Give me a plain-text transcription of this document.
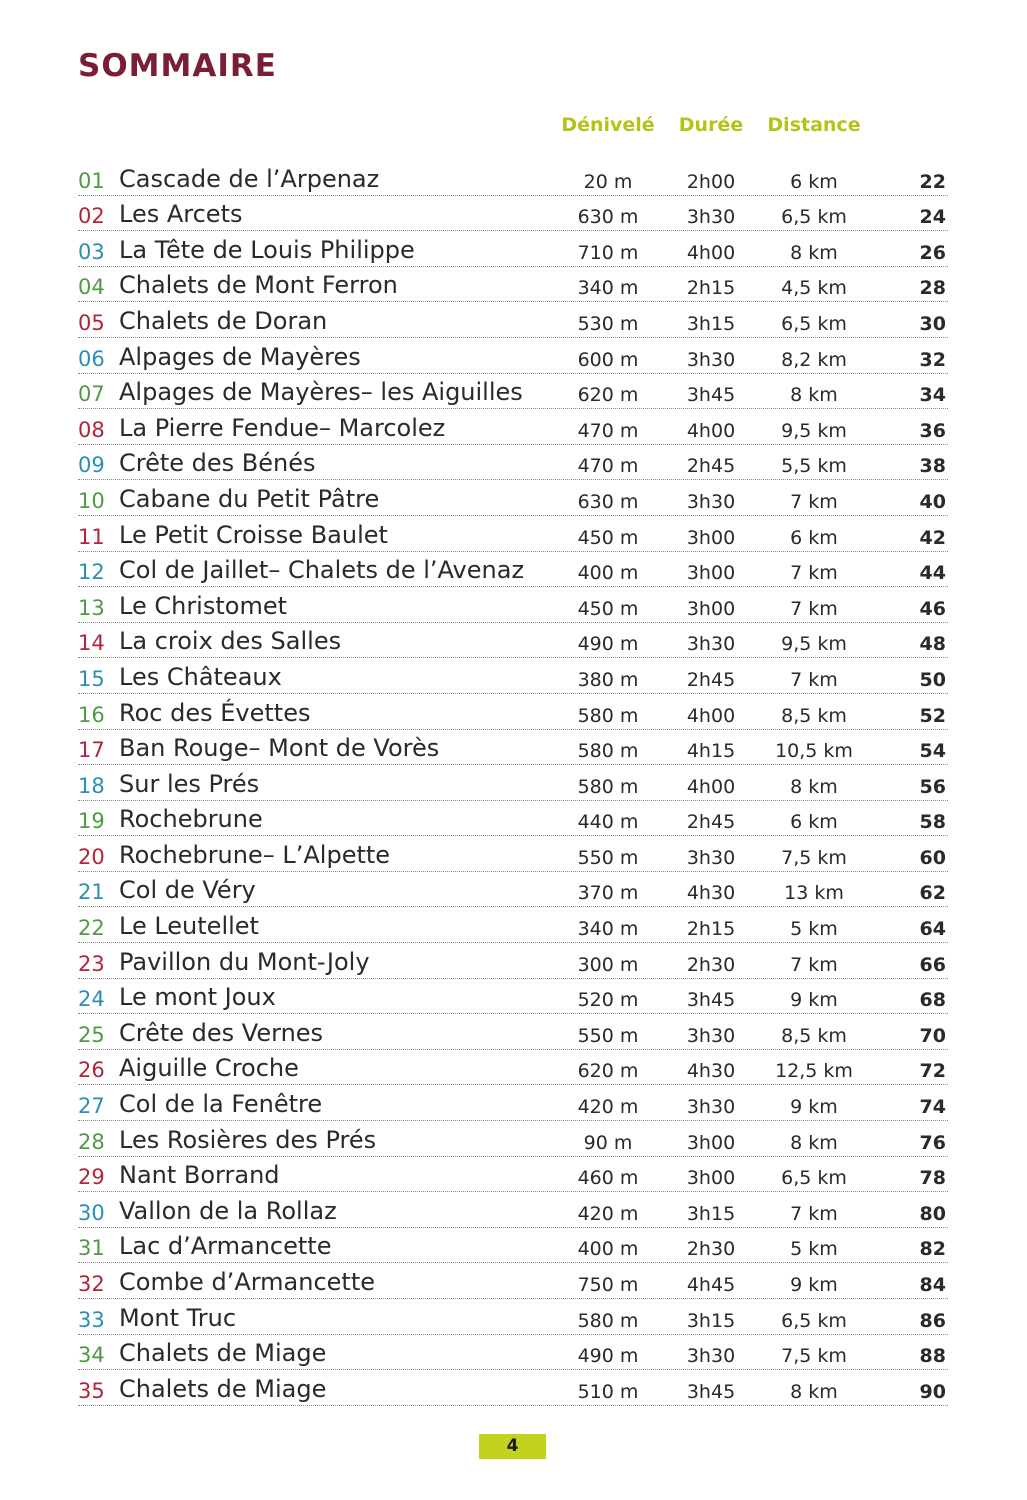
SOMMAIRE
Dénivelé	Durée	Distance
01 Cascade de l’Arpenaz	20 m	2h00	6 km	22
02 Les Arcets	630 m	3h30	6,5 km	24
03 La Tête de Louis Philippe	710 m	4h00	8 km	26
04 Chalets de Mont Ferron	340 m	2h15	4,5 km	28
05 Chalets de Doran	530 m	3h15	6,5 km	30
06 Alpages de Mayères	600 m	3h30	8,2 km	32
07 Alpages de Mayères– les Aiguilles	620 m	3h45	8 km	34
08 La Pierre Fendue– Marcolez	470 m	4h00	9,5 km	36
09 Crête des Bénés	470 m	2h45	5,5 km	38
10 Cabane du Petit Pâtre	630 m	3h30	7 km	40
11 Le Petit Croisse Baulet	450 m	3h00	6 km	42
12 Col de Jaillet– Chalets de l’Avenaz	400 m	3h00	7 km	44
13 Le Christomet	450 m	3h00	7 km	46
14 La croix des Salles	490 m	3h30	9,5 km	48
15 Les Châteaux	380 m	2h45	7 km	50
16 Roc des Évettes	580 m	4h00	8,5 km	52
17 Ban Rouge– Mont de Vorès	580 m	4h15	10,5 km	54
18 Sur les Prés	580 m	4h00	8 km	56
19 Rochebrune	440 m	2h45	6 km	58
20 Rochebrune– L’Alpette	550 m	3h30	7,5 km	60
21 Col de Véry	370 m	4h30	13 km	62
22 Le Leutellet	340 m	2h15	5 km	64
23 Pavillon du Mont-Joly	300 m	2h30	7 km	66
24 Le mont Joux	520 m	3h45	9 km	68
25 Crête des Vernes	550 m	3h30	8,5 km	70
26 Aiguille Croche	620 m	4h30	12,5 km	72
27 Col de la Fenêtre	420 m	3h30	9 km	74
28 Les Rosières des Prés	90 m	3h00	8 km	76
29 Nant Borrand	460 m	3h00	6,5 km	78
30 Vallon de la Rollaz	420 m	3h15	7 km	80
31 Lac d’Armancette	400 m	2h30	5 km	82
32 Combe d’Armancette	750 m	4h45	9 km	84
33 Mont Truc	580 m	3h15	6,5 km	86
34 Chalets de Miage	490 m	3h30	7,5 km	88
35 Chalets de Miage	510 m	3h45	8 km	90
4
